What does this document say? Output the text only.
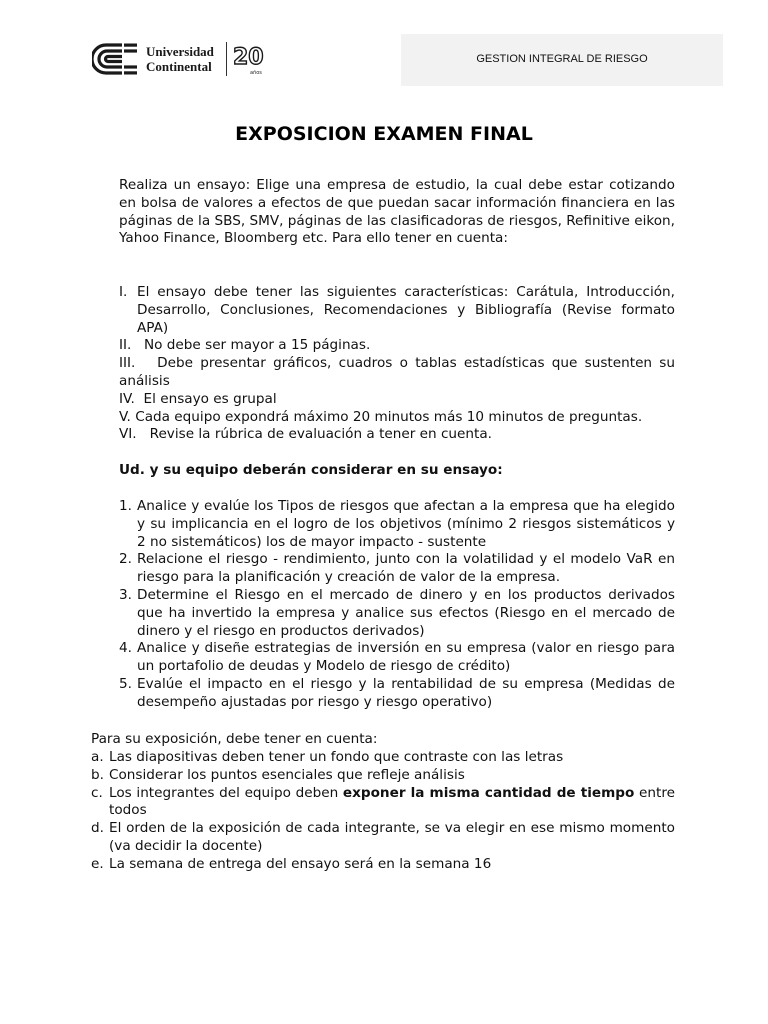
Universidad
Continental 20
años
GESTION INTEGRAL DE RIESGO
EXPOSICION EXAMEN FINAL
Realiza un ensayo: Elige una empresa de estudio, la cual debe estar cotizando en bolsa de valores a efectos de que puedan sacar información financiera en las páginas de la SBS, SMV, páginas de las clasificadoras de riesgos, Refinitive eikon, Yahoo Finance, Bloomberg etc. Para ello tener en cuenta:
I. El ensayo debe tener las siguientes características: Carátula, Introducción, Desarrollo, Conclusiones, Recomendaciones y Bibliografía (Revise formato APA)
II. No debe ser mayor a 15 páginas.
III. Debe presentar gráficos, cuadros o tablas estadísticas que sustenten su análisis
IV. El ensayo es grupal
V. Cada equipo expondrá máximo 20 minutos más 10 minutos de preguntas.
VI. Revise la rúbrica de evaluación a tener en cuenta.
Ud. y su equipo deberán considerar en su ensayo:
1. Analice y evalúe los Tipos de riesgos que afectan a la empresa que ha elegido y su implicancia en el logro de los objetivos (mínimo 2 riesgos sistemáticos y 2 no sistemáticos) los de mayor impacto - sustente
2. Relacione el riesgo - rendimiento, junto con la volatilidad y el modelo VaR en riesgo para la planificación y creación de valor de la empresa.
3. Determine el Riesgo en el mercado de dinero y en los productos derivados que ha invertido la empresa y analice sus efectos (Riesgo en el mercado de dinero y el riesgo en productos derivados)
4. Analice y diseñe estrategias de inversión en su empresa (valor en riesgo para un portafolio de deudas y Modelo de riesgo de crédito)
5. Evalúe el impacto en el riesgo y la rentabilidad de su empresa (Medidas de desempeño ajustadas por riesgo y riesgo operativo)
Para su exposición, debe tener en cuenta:
a. Las diapositivas deben tener un fondo que contraste con las letras
b. Considerar los puntos esenciales que refleje análisis
c. Los integrantes del equipo deben exponer la misma cantidad de tiempo entre todos
d. El orden de la exposición de cada integrante, se va elegir en ese mismo momento (va decidir la docente)
e. La semana de entrega del ensayo será en la semana 16
